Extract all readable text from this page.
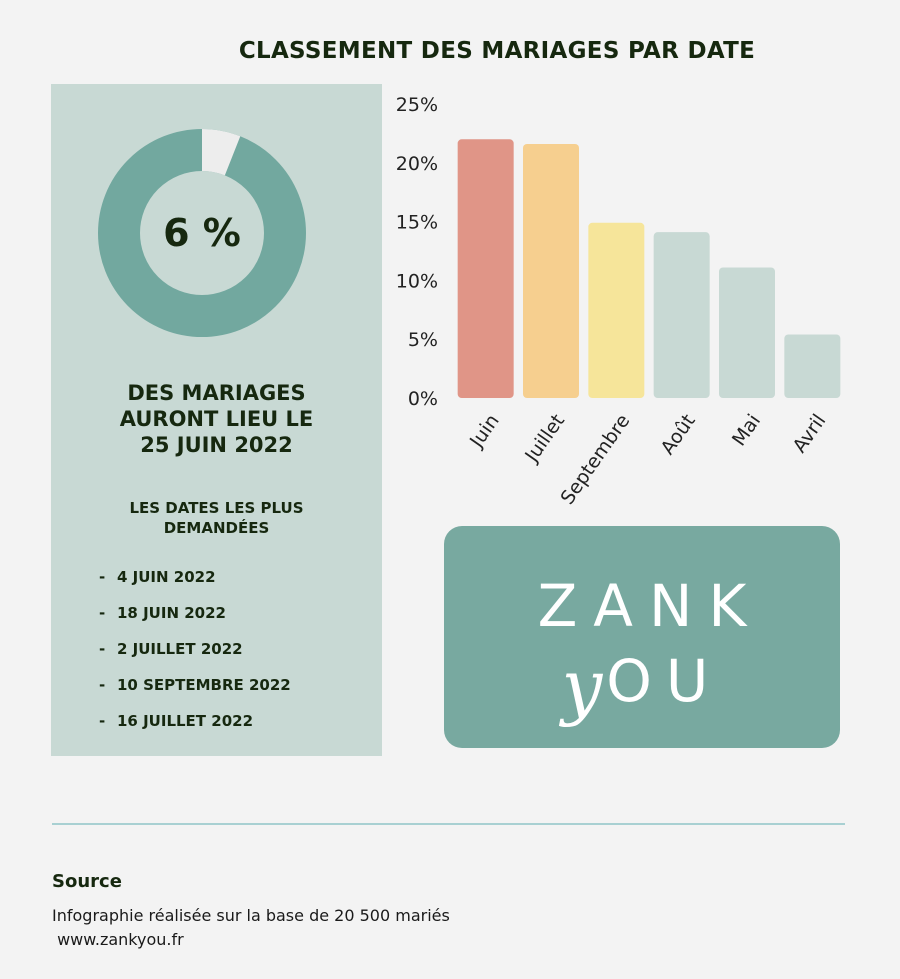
CLASSEMENT DES MARIAGES PAR DATE
6 %
DES MARIAGES
AURONT LIEU LE
25 JUIN 2022
LES DATES LES PLUS
DEMANDÉES
- 4 JUIN 2022
- 18 JUIN 2022
- 2 JUILLET 2022
- 10 SEPTEMBRE 2022
- 16 JUILLET 2022
0%
5%
10%
15%
20%
25%
Juin Juillet
Septembre Août Mai Avril
ZANK
yOU
Source
Infographie réalisée sur la base de 20 500 mariés
www.zankyou.fr
